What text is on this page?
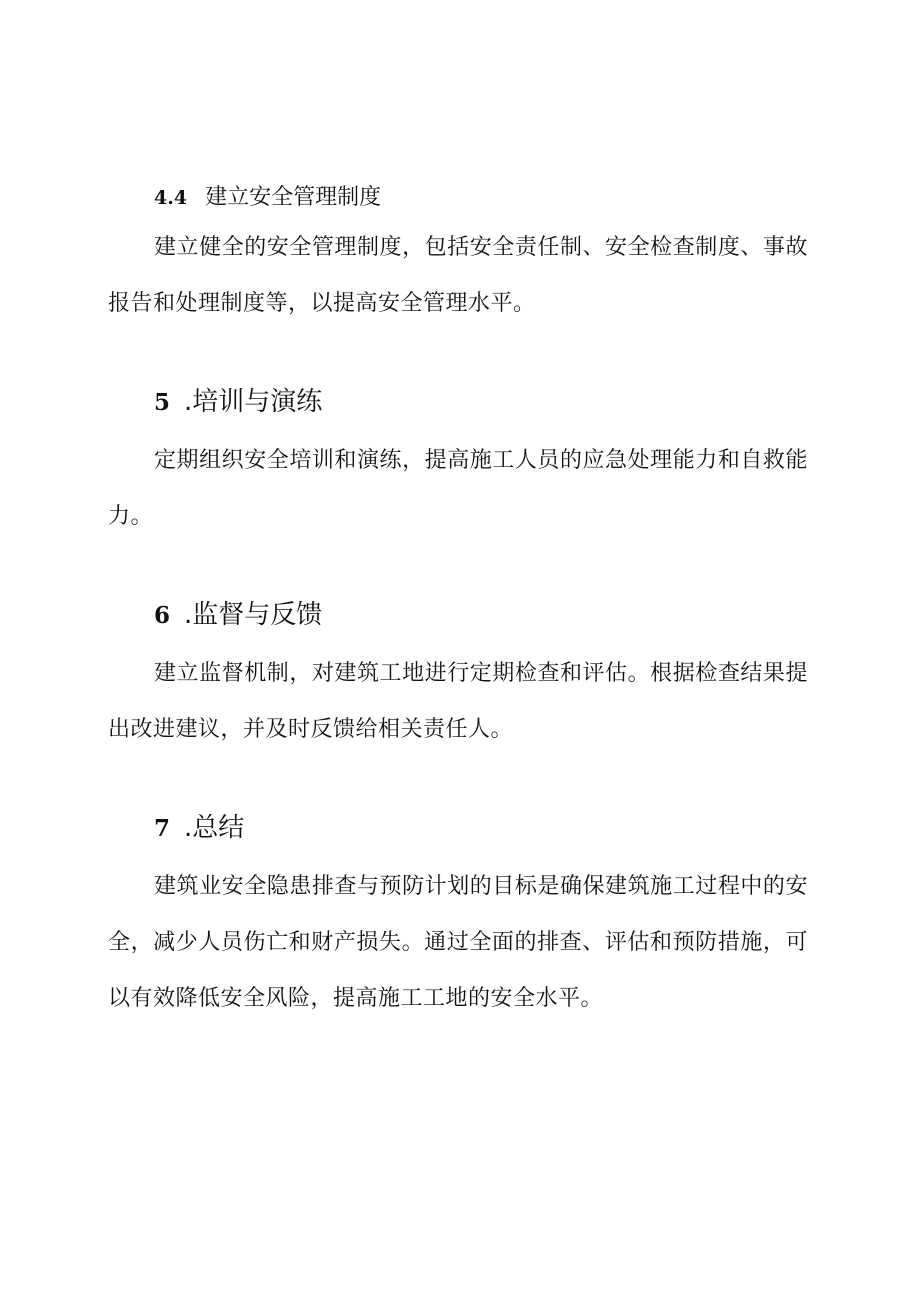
4.4 建立安全管理制度

建立健全的安全管理制度，包括安全责任制、安全检查制度、事故报告和处理制度等，以提高安全管理水平。

5 .培训与演练

定期组织安全培训和演练，提高施工人员的应急处理能力和自救能力。

6 .监督与反馈

建立监督机制，对建筑工地进行定期检查和评估。根据检查结果提出改进建议，并及时反馈给相关责任人。

7 .总结

建筑业安全隐患排查与预防计划的目标是确保建筑施工过程中的安全，减少人员伤亡和财产损失。通过全面的排查、评估和预防措施，可以有效降低安全风险，提高施工工地的安全水平。
